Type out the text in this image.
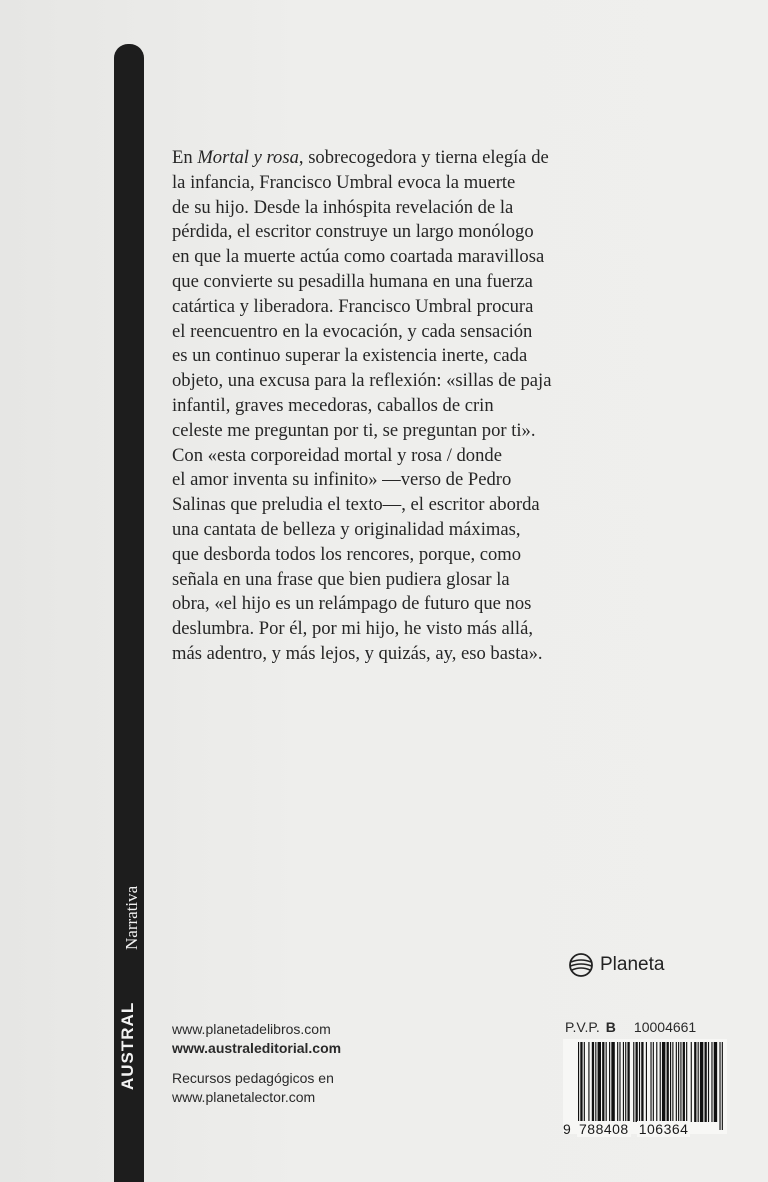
AUSTRAL
Narrativa
En Mortal y rosa, sobrecogedora y tierna elegía de
la infancia, Francisco Umbral evoca la muerte
de su hijo. Desde la inhóspita revelación de la
pérdida, el escritor construye un largo monólogo
en que la muerte actúa como coartada maravillosa
que convierte su pesadilla humana en una fuerza
catártica y liberadora. Francisco Umbral procura
el reencuentro en la evocación, y cada sensación
es un continuo superar la existencia inerte, cada
objeto, una excusa para la reflexión: «sillas de paja
infantil, graves mecedoras, caballos de crin
celeste me preguntan por ti, se preguntan por ti».
Con «esta corporeidad mortal y rosa / donde
el amor inventa su infinito» —verso de Pedro
Salinas que preludia el texto—, el escritor aborda
una cantata de belleza y originalidad máximas,
que desborda todos los rencores, porque, como
señala en una frase que bien pudiera glosar la
obra, «el hijo es un relámpago de futuro que nos
deslumbra. Por él, por mi hijo, he visto más allá,
más adentro, y más lejos, y quizás, ay, eso basta».
Planeta
www.planetadelibros.com
www.australeditorial.com
Recursos pedagógicos en
www.planetalector.com
P.V.P. B 10004661
9 788408 106364
